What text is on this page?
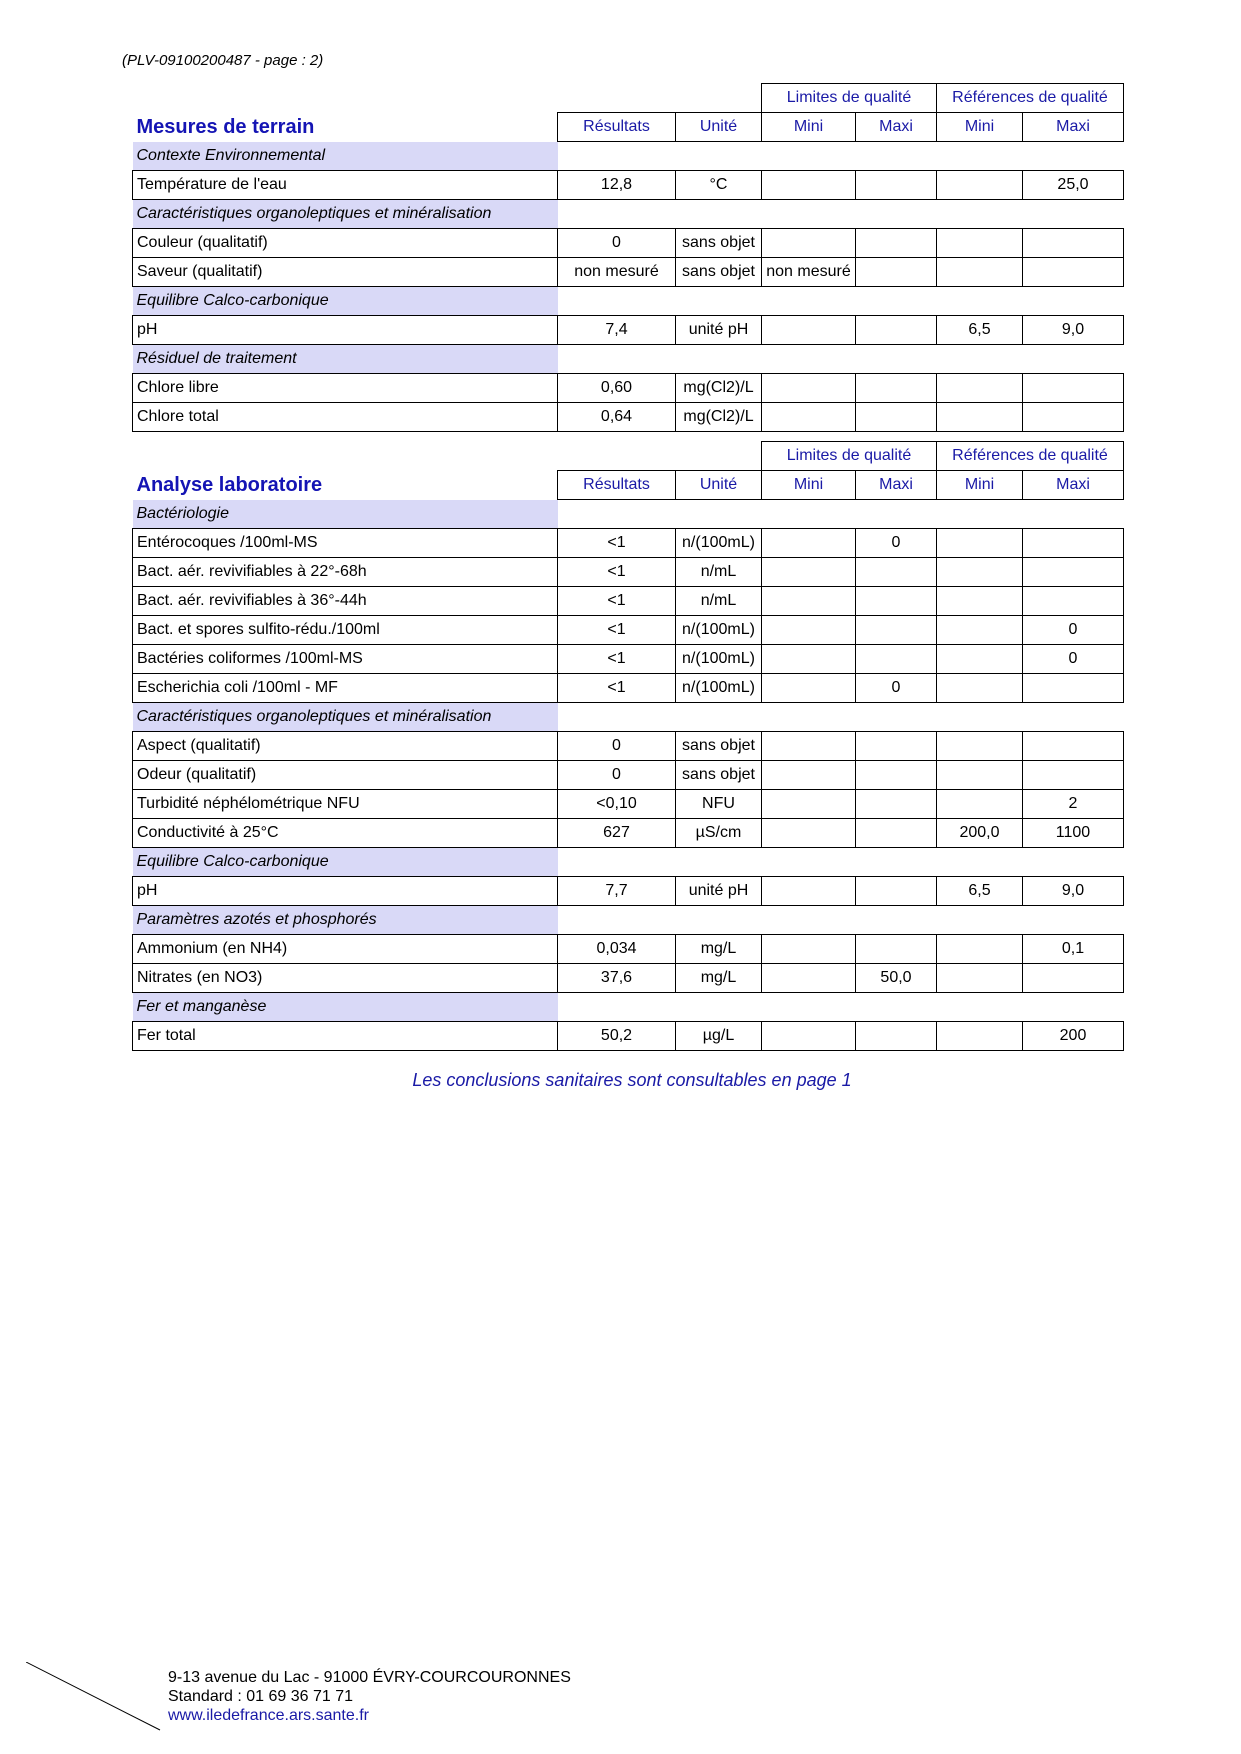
(PLV-09100200487 - page : 2)
			Limites de qualité		Références de qualité	
Mesures de terrain	Résultats	Unité	Mini	Maxi	Mini	Maxi
Contexte Environnemental						
Température de l'eau	12,8	°C				25,0
Caractéristiques organoleptiques et minéralisation						
Couleur (qualitatif)	0	sans objet				
Saveur (qualitatif)	non mesuré	sans objet	non mesuré			
Equilibre Calco-carbonique						
pH	7,4	unité pH			6,5	9,0
Résiduel de traitement						
Chlore libre	0,60	mg(Cl2)/L				
Chlore total	0,64	mg(Cl2)/L				
			Limites de qualité		Références de qualité	
Analyse laboratoire	Résultats	Unité	Mini	Maxi	Mini	Maxi
Bactériologie						
Entérocoques /100ml-MS	<1	n/(100mL)		0		
Bact. aér. revivifiables à 22°-68h	<1	n/mL				
Bact. aér. revivifiables à 36°-44h	<1	n/mL				
Bact. et spores sulfito-rédu./100ml	<1	n/(100mL)				0
Bactéries coliformes /100ml-MS	<1	n/(100mL)				0
Escherichia coli /100ml - MF	<1	n/(100mL)		0		
Caractéristiques organoleptiques et minéralisation						
Aspect (qualitatif)	0	sans objet				
Odeur (qualitatif)	0	sans objet				
Turbidité néphélométrique NFU	<0,10	NFU				2
Conductivité à 25°C	627	µS/cm			200,0	1100
Equilibre Calco-carbonique						
pH	7,7	unité pH			6,5	9,0
Paramètres azotés et phosphorés						
Ammonium (en NH4)	0,034	mg/L				0,1
Nitrates (en NO3)	37,6	mg/L		50,0		
Fer et manganèse						
Fer total	50,2	µg/L				200
Les conclusions sanitaires sont consultables en page 1
9-13 avenue du Lac - 91000 ÉVRY-COURCOURONNES
Standard : 01 69 36 71 71
www.iledefrance.ars.sante.fr
